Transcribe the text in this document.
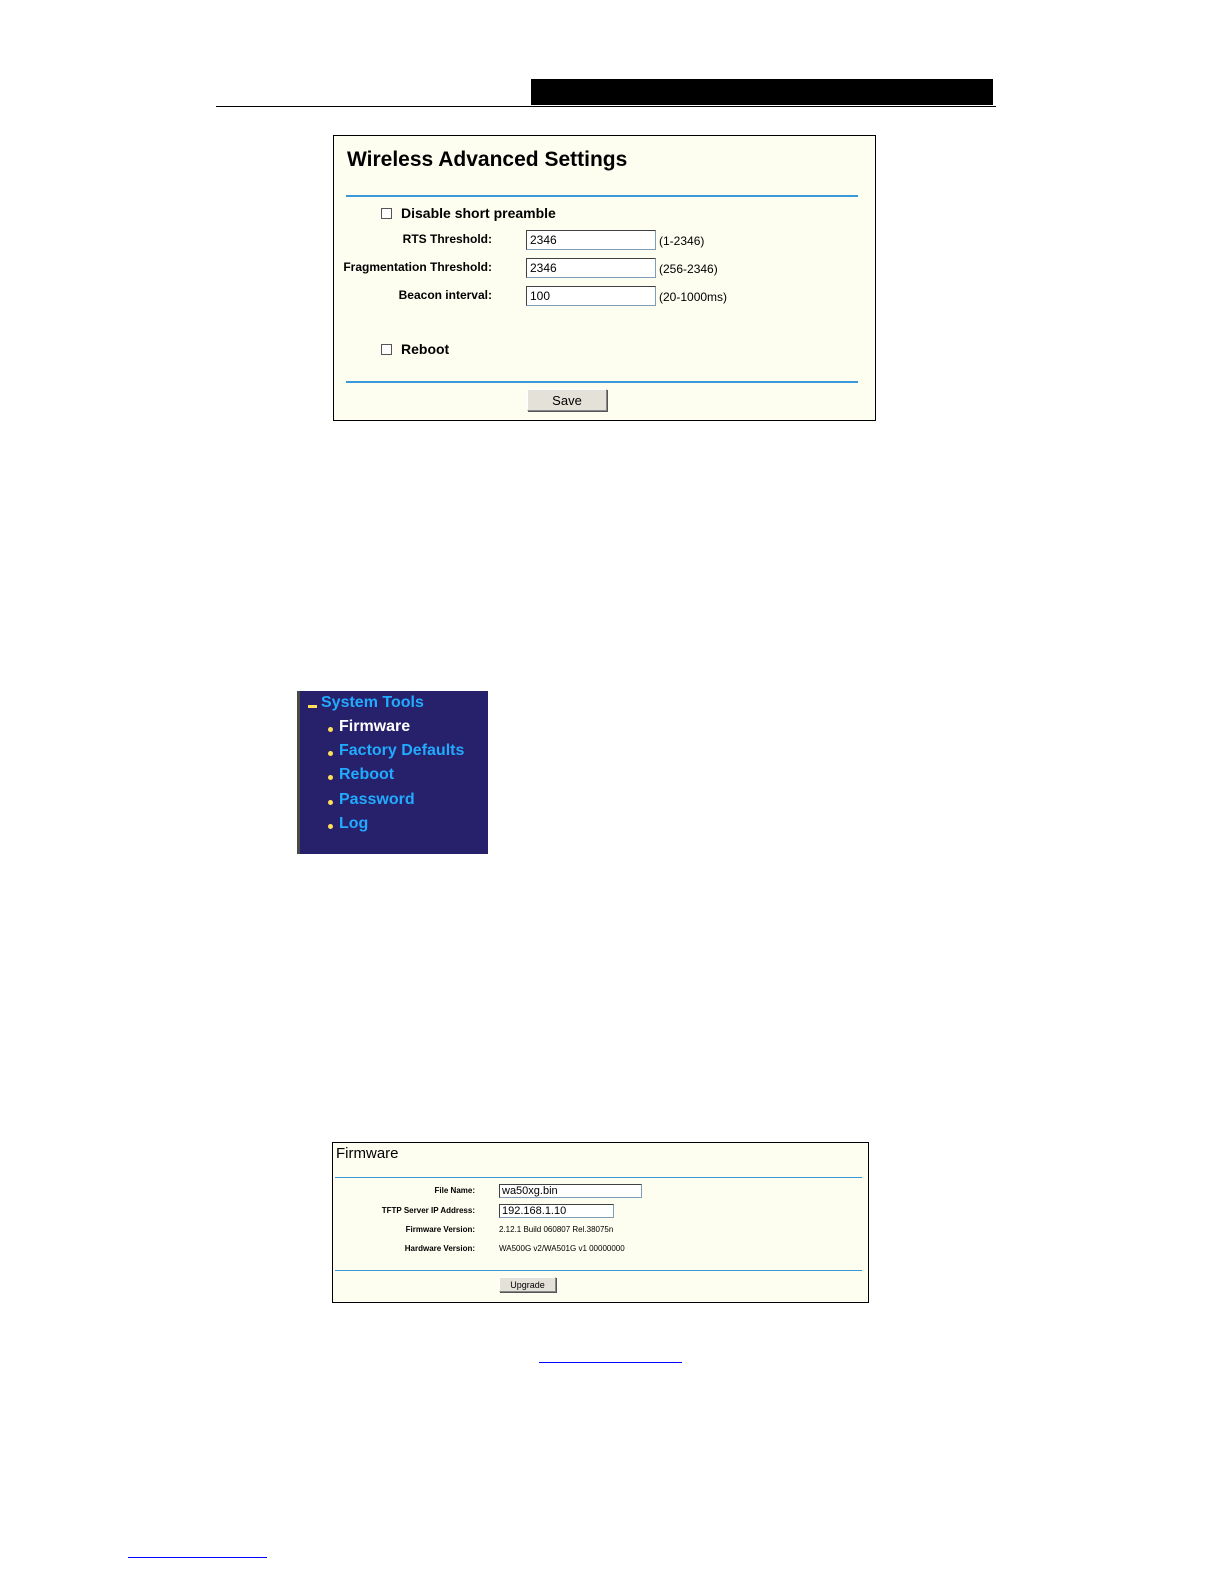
Wireless Advanced Settings
Disable short preamble
RTS Threshold:
2346	(1-2346)
Fragmentation Threshold:
2346	(256-2346)
Beacon interval:
100	(20-1000ms)
Reboot
Save
System Tools
Firmware
Factory Defaults
Reboot
Password
Log
Firmware
File Name:
wa50xg.bin
TFTP Server IP Address:
192.168.1.10
Firmware Version:	2.12.1 Build 060807 Rel.38075n
Hardware Version:	WA500G v2/WA501G v1 00000000
Upgrade
